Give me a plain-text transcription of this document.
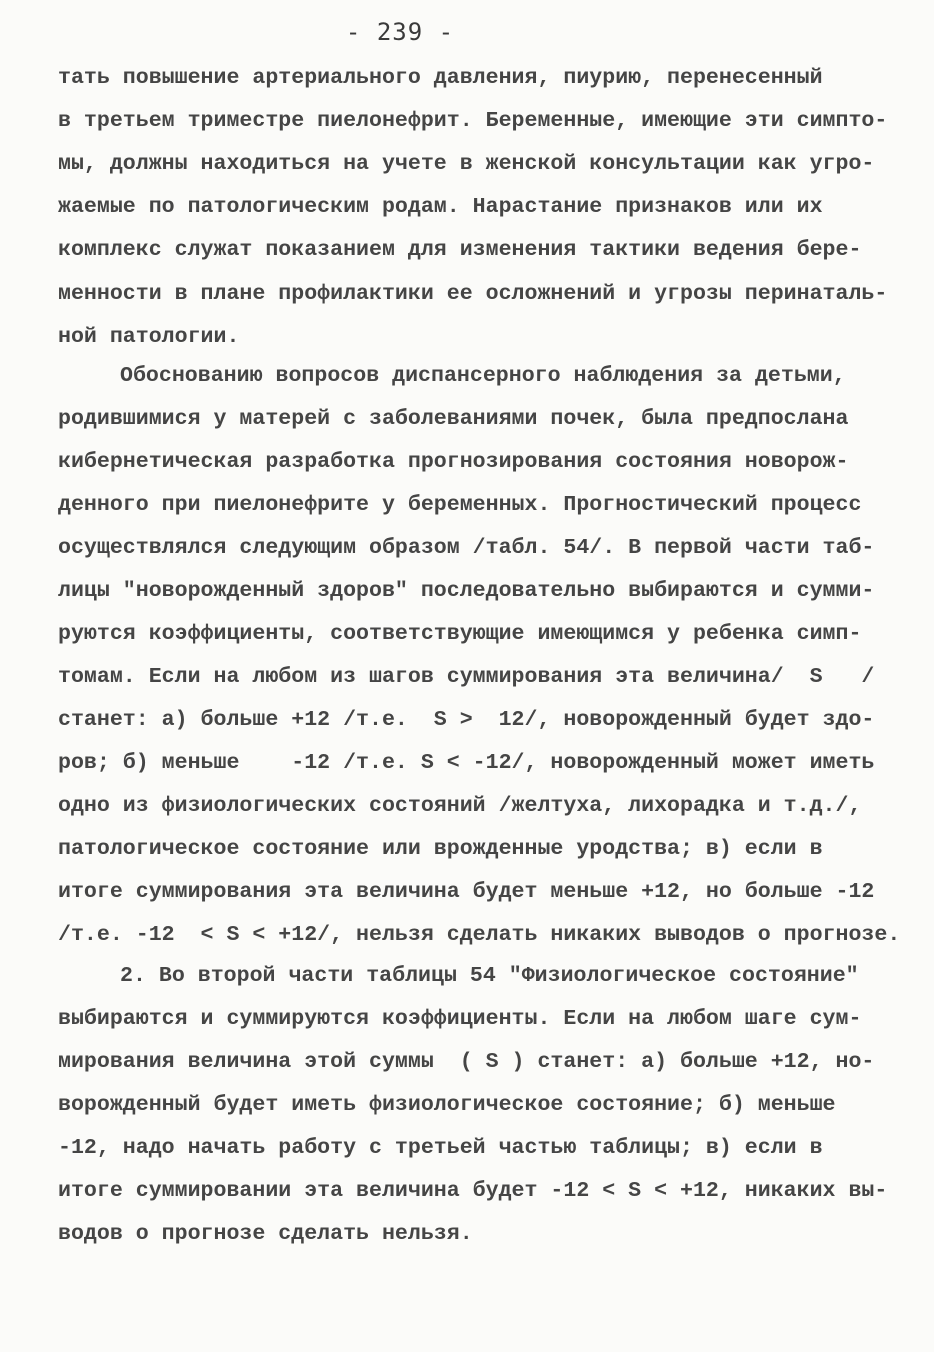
- 239 -

тать повышение артериального давления, пиурию, перенесенный

в третьем триместре пиелонефрит. Беременные, имеющие эти симпто-

мы, должны находиться на учете в женской консультации как угро-

жаемые по патологическим родам. Нарастание признаков или их

комплекс служат показанием для изменения тактики ведения бере-

менности в плане профилактики ее осложнений и угрозы перинаталь-

ной патологии.

Обоснованию вопросов диспансерного наблюдения за детьми,

родившимися у матерей с заболеваниями почек, была предпослана

кибернетическая разработка прогнозирования состояния новорож-

денного при пиелонефрите у беременных. Прогностический процесс

осуществлялся следующим образом /табл. 54/. В первой части таб-

лицы "новорожденный здоров" последовательно выбираются и сумми-

руются коэффициенты, соответствующие имеющимся у ребенка симп-

томам. Если на любом из шагов суммирования эта величина/  S   /

станет: а) больше +12 /т.е.  S >  12/, новорожденный будет здо-

ров; б) меньше    -12 /т.е. S < -12/, новорожденный может иметь

одно из физиологических состояний /желтуха, лихорадка и т.д./,

патологическое состояние или врожденные уродства; в) если в

итоге суммирования эта величина будет меньше +12, но больше -12

/т.е. -12  < S < +12/, нельзя сделать никаких выводов о прогнозе.

2. Во второй части таблицы 54 "Физиологическое состояние"

выбираются и суммируются коэффициенты. Если на любом шаге сум-

мирования величина этой суммы  ( S ) станет: а) больше +12, но-

ворожденный будет иметь физиологическое состояние; б) меньше

-12, надо начать работу с третьей частью таблицы; в) если в

итоге суммировании эта величина будет -12 < S < +12, никаких вы-

водов о прогнозе сделать нельзя.
